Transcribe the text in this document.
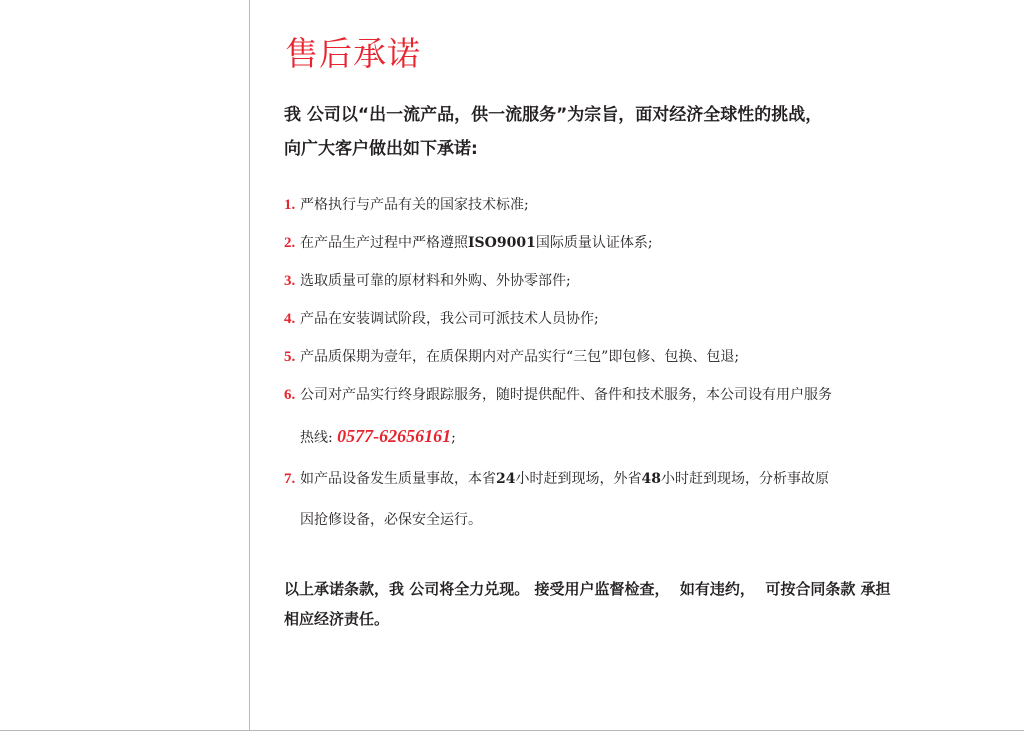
售后承诺
我 公司以“出一流产品，供一流服务”为宗旨，面对经济全球性的挑战，
向广大客户做出如下承诺:
1. 严格执行与产品有关的国家技术标准;
2. 在产品生产过程中严格遵照ISO9001国际质量认证体系;
3. 选取质量可靠的原材料和外购、外协零部件;
4. 产品在安装调试阶段，我公司可派技术人员协作;
5. 产品质保期为壹年，在质保期内对产品实行“三包”即包修、包换、包退;
6. 公司对产品实行终身跟踪服务，随时提供配件、备件和技术服务，本公司设有用户服务
热线: 0577-62656161;
7. 如产品设备发生质量事故，本省24小时赶到现场，外省48小时赶到现场，分析事故原
因抢修设备，必保安全运行。
以上承诺条款，我 公司将全力兑现。 接受用户监督检查，  如有违约，  可按合同条款 承担
相应经济责任。
